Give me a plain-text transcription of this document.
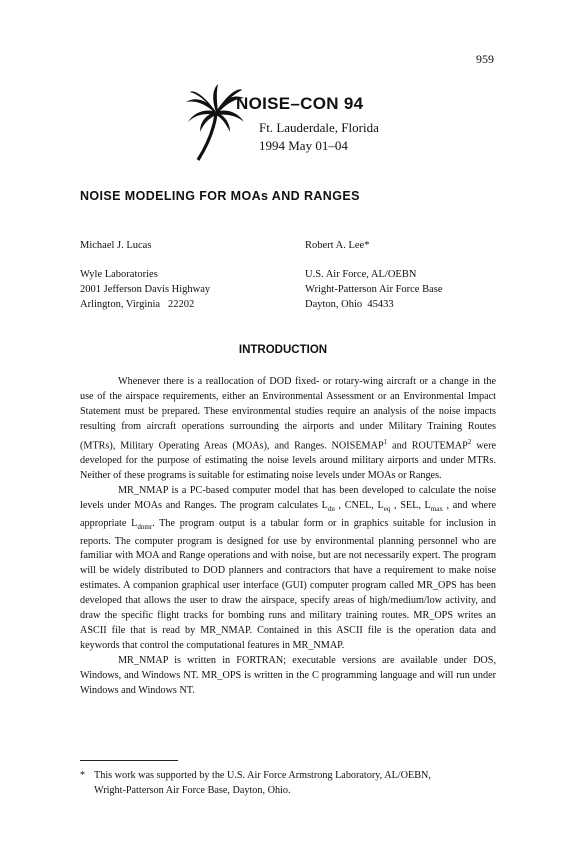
959
NOISE–CON 94
Ft. Lauderdale, Florida
1994 May 01–04
NOISE MODELING FOR MOAs AND RANGES
Michael J. Lucas	Robert A. Lee*
Wyle Laboratories
2001 Jefferson Davis Highway
Arlington, Virginia   22202
U.S. Air Force, AL/OEBN
Wright-Patterson Air Force Base
Dayton, Ohio  45433
INTRODUCTION

Whenever there is a reallocation of DOD fixed- or rotary-wing aircraft or a change in the use of the airspace requirements, either an Environmental Assessment or an Environmental Impact Statement must be prepared. These environmental studies require an analysis of the noise impacts resulting from aircraft operations surrounding the airports and under Military Training Routes (MTRs), Military Operating Areas (MOAs), and Ranges. NOISEMAP$^1$ and ROUTEMAP$^2$ were developed for the purpose of estimating the noise levels around military airports and under MTRs. Neither of these programs is suitable for estimating noise levels under MOAs or Ranges.

MR_NMAP is a PC-based computer model that has been developed to calculate the noise levels under MOAs and Ranges. The program calculates $L_{dn}$ , CNEL, $L_{eq}$ , SEL, $L_{max}$ , and where appropriate $L_{dnmr}$. The program output is a tabular form or in graphics suitable for inclusion in reports. The computer program is designed for use by environmental planning personnel who are familiar with MOA and Range operations and with noise, but are not necessarily expert. The program will be widely distributed to DOD planners and contractors that have a requirement to make noise estimates. A companion graphical user interface (GUI) computer program called MR_OPS has been developed that allows the user to draw the airspace, specify areas of high/medium/low activity, and draw the specific flight tracks for bombing runs and military training routes. MR_OPS writes an ASCII file that is read by MR_NMAP. Contained in this ASCII file is the operation data and keywords that control the computational features in MR_NMAP.

MR_NMAP is written in FORTRAN; executable versions are available under DOS, Windows, and Windows NT. MR_OPS is written in the C programming language and will run under Windows and Windows NT.

* This work was supported by the U.S. Air Force Armstrong Laboratory, AL/OEBN,
Wright-Patterson Air Force Base, Dayton, Ohio.
